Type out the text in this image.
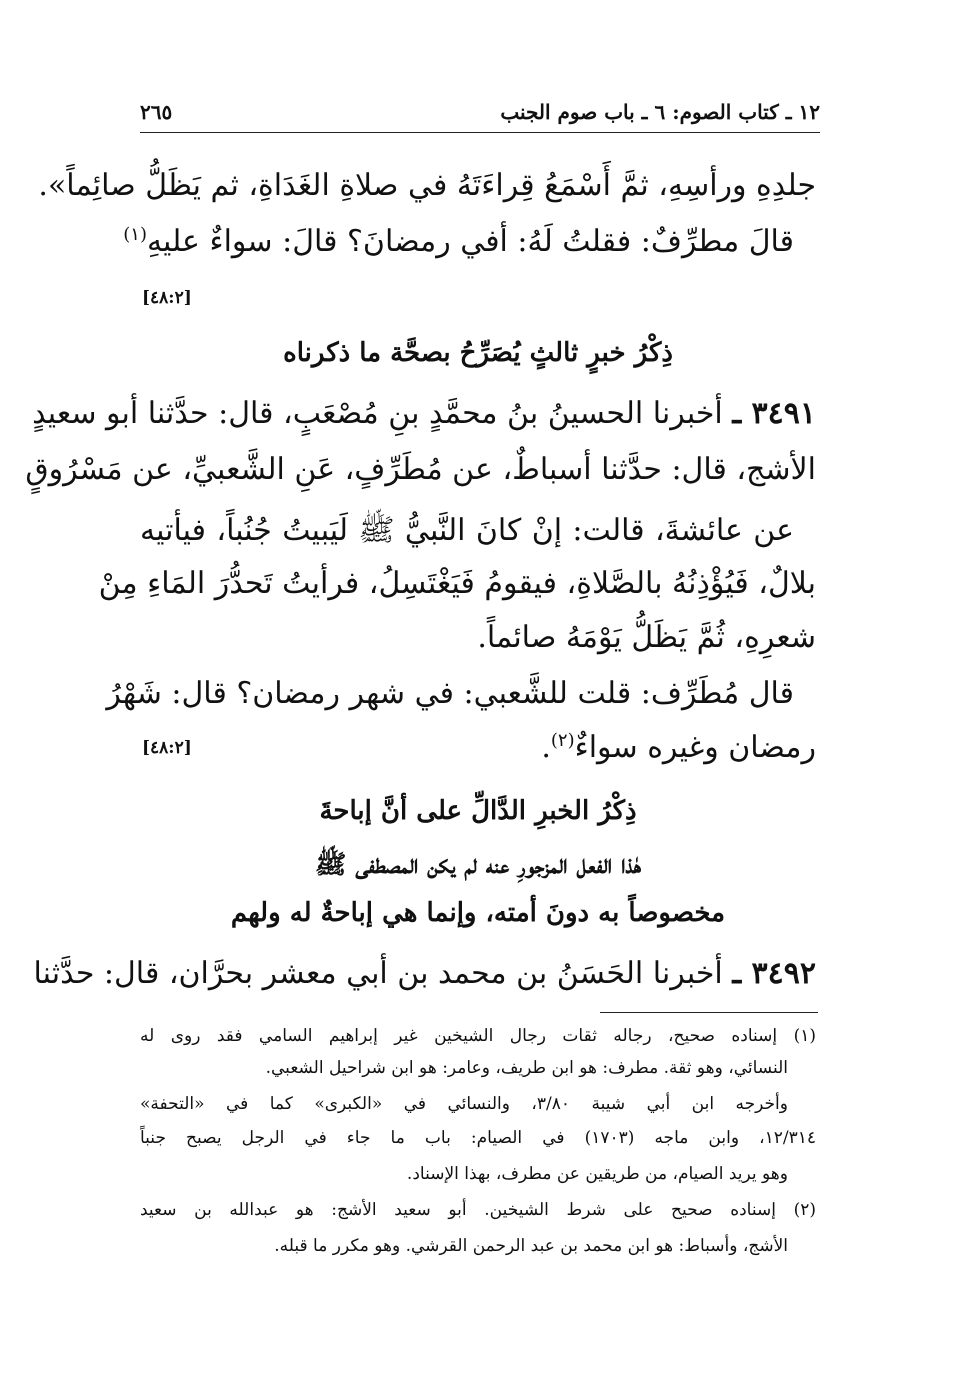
١٢ ـ كتاب الصوم: ٦ ـ باب صوم الجنب
٢٦٥
جلدِهِ ورأسِهِ، ثمَّ أَسْمَعُ قِراءَتَهُ في صلاةِ الغَدَاةِ، ثم يَظَلُّ صائِماً».
قالَ مطرِّفٌ: فقلتُ لَهُ: أفي رمضانَ؟ قالَ: سواءٌ عليهِ$^{(١)}$
[٤٨:٢]
ذِكْرُ خبرٍ ثالثٍ يُصَرِّحُ بصحَّة ما ذكرناه
٣٤٩١ ـ أخبرنا الحسينُ بنُ محمَّدٍ بنِ مُصْعَبٍ، قال: حدَّثنا أبو سعيدٍ
الأشج، قال: حدَّثنا أسباطٌ، عن مُطَرِّفٍ، عَنِ الشَّعبيِّ، عن مَسْرُوقٍ
عن عائشةَ، قالت: إنْ كانَ النَّبيُّ ﷺ لَيَبيتُ جُنُباً، فيأتيه
بلالٌ، فَيُؤْذِنُهُ بالصَّلاةِ، فيقومُ فَيَغْتَسِلُ، فرأيتُ تَحدُّرَ المَاءِ مِنْ
شعرِهِ، ثُمَّ يَظَلُّ يَوْمَهُ صائماً.
قال مُطَرِّف: قلت للشَّعبي: في شهر رمضان؟ قال: شَهْرُ
رمضان وغيره سواءٌ$^{(٢)}$.
[٤٨:٢]
ذِكْرُ الخبرِ الدَّالِّ على أنَّ إباحةَ
هٰذا الفعل المزجورِ عنه لم يكن المصطفى ﷺ
مخصوصاً به دونَ أمته، وإنما هي إباحةٌ له ولهم
٣٤٩٢ ـ أخبرنا الحَسَنُ بن محمد بن أبي معشر بحرَّان، قال: حدَّثنا
(١) إسناده صحيح، رجاله ثقات رجال الشيخين غير إبراهيم السامي فقد روى له
النسائي، وهو ثقة. مطرف: هو ابن طريف، وعامر: هو ابن شراحيل الشعبي.
وأخرجه ابن أبي شيبة ٣/٨٠، والنسائي في «الكبرى» كما في «التحفة»
١٢/٣١٤، وابن ماجه (١٧٠٣) في الصيام: باب ما جاء في الرجل يصبح جنباً
وهو يريد الصيام، من طريقين عن مطرف، بهذا الإسناد.
(٢) إسناده صحيح على شرط الشيخين. أبو سعيد الأشج: هو عبدالله بن سعيد
الأشج، وأسباط: هو ابن محمد بن عبد الرحمن القرشي. وهو مكرر ما قبله.
